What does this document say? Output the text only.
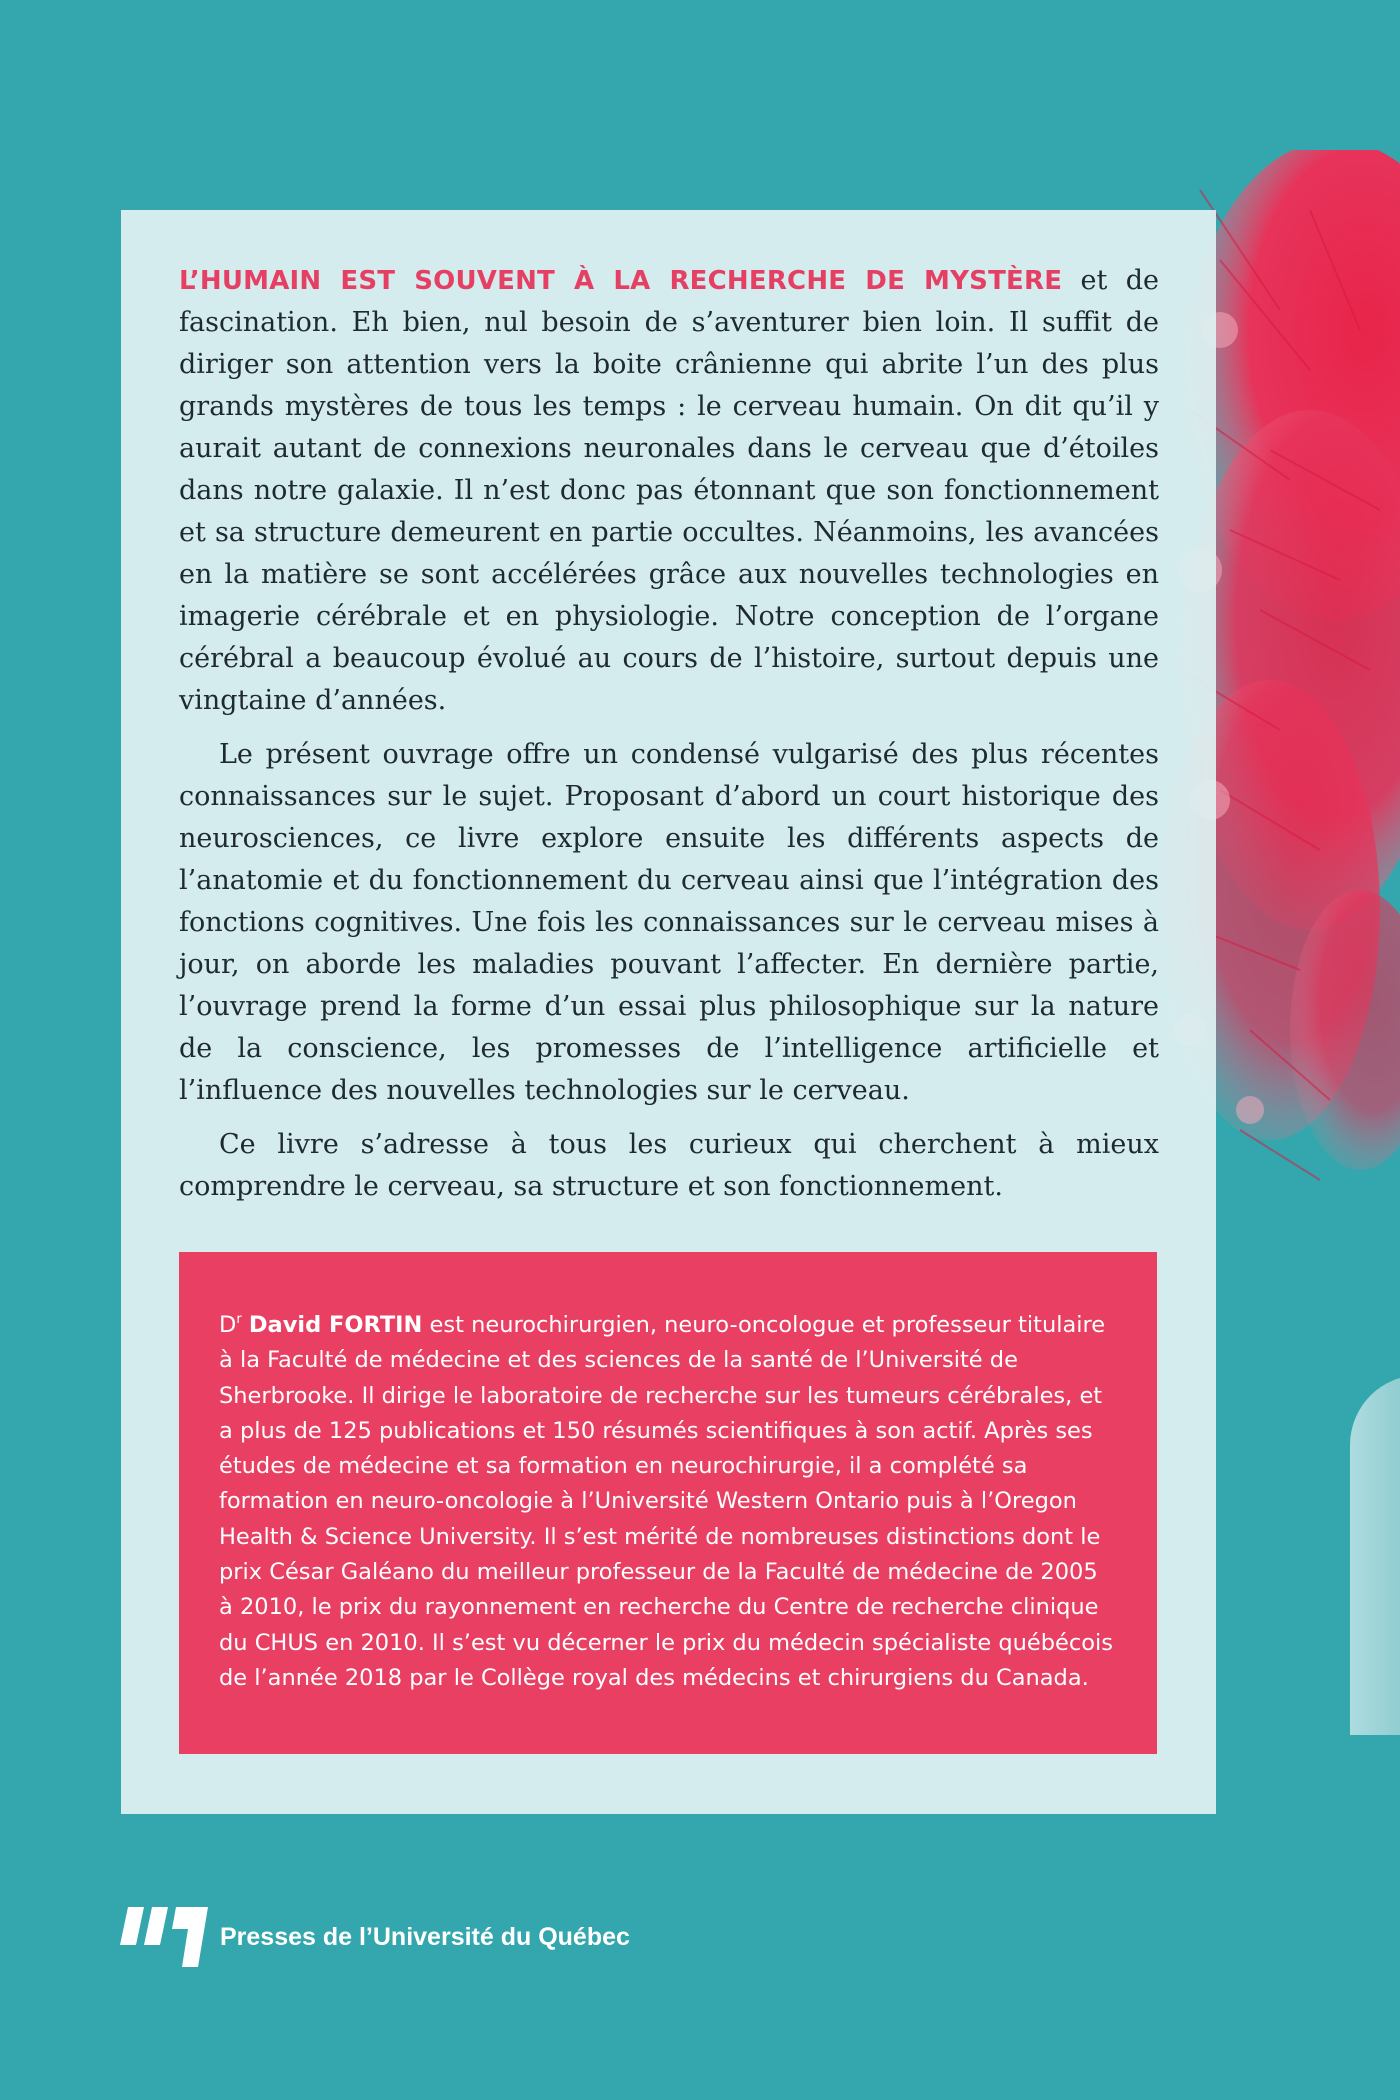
L’HUMAIN EST SOUVENT À LA RECHERCHE DE MYSTÈRE et de fascination. Eh bien, nul besoin de s’aventurer bien loin. Il suffit de diriger son attention vers la boite crânienne qui abrite l’un des plus grands mystères de tous les temps : le cerveau humain. On dit qu’il y aurait autant de connexions neuronales dans le cerveau que d’étoiles dans notre galaxie. Il n’est donc pas étonnant que son fonctionnement et sa structure demeurent en partie occultes. Néanmoins, les avancées en la matière se sont accélérées grâce aux nouvelles technologies en imagerie cérébrale et en physiologie. Notre conception de l’organe cérébral a beaucoup évolué au cours de l’histoire, surtout depuis une vingtaine d’années.

Le présent ouvrage offre un condensé vulgarisé des plus récentes connaissances sur le sujet. Proposant d’abord un court historique des neurosciences, ce livre explore ensuite les différents aspects de l’anatomie et du fonctionnement du cerveau ainsi que l’intégration des fonctions cognitives. Une fois les connaissances sur le cerveau mises à jour, on aborde les maladies pouvant l’affecter. En dernière partie, l’ouvrage prend la forme d’un essai plus philosophique sur la nature de la conscience, les promesses de l’intelligence artificielle et l’influence des nouvelles technologies sur le cerveau.

Ce livre s’adresse à tous les curieux qui cherchent à mieux comprendre le cerveau, sa structure et son fonctionnement.

$D^r$ David FORTIN est neurochirurgien, neuro-oncologue et professeur titulaire à la Faculté de médecine et des sciences de la santé de l’Université de Sherbrooke. Il dirige le laboratoire de recherche sur les tumeurs cérébrales, et a plus de 125 publications et 150 résumés scientifiques à son actif. Après ses études de médecine et sa formation en neurochirurgie, il a complété sa formation en neuro-oncologie à l’Université Western Ontario puis à l’Oregon Health & Science University. Il s’est mérité de nombreuses distinctions dont le prix César Galéano du meilleur professeur de la Faculté de médecine de 2005 à 2010, le prix du rayonnement en recherche du Centre de recherche clinique du CHUS en 2010. Il s’est vu décerner le prix du médecin spécialiste québécois de l’année 2018 par le Collège royal des médecins et chirurgiens du Canada.

Presses de l’Université du Québec
